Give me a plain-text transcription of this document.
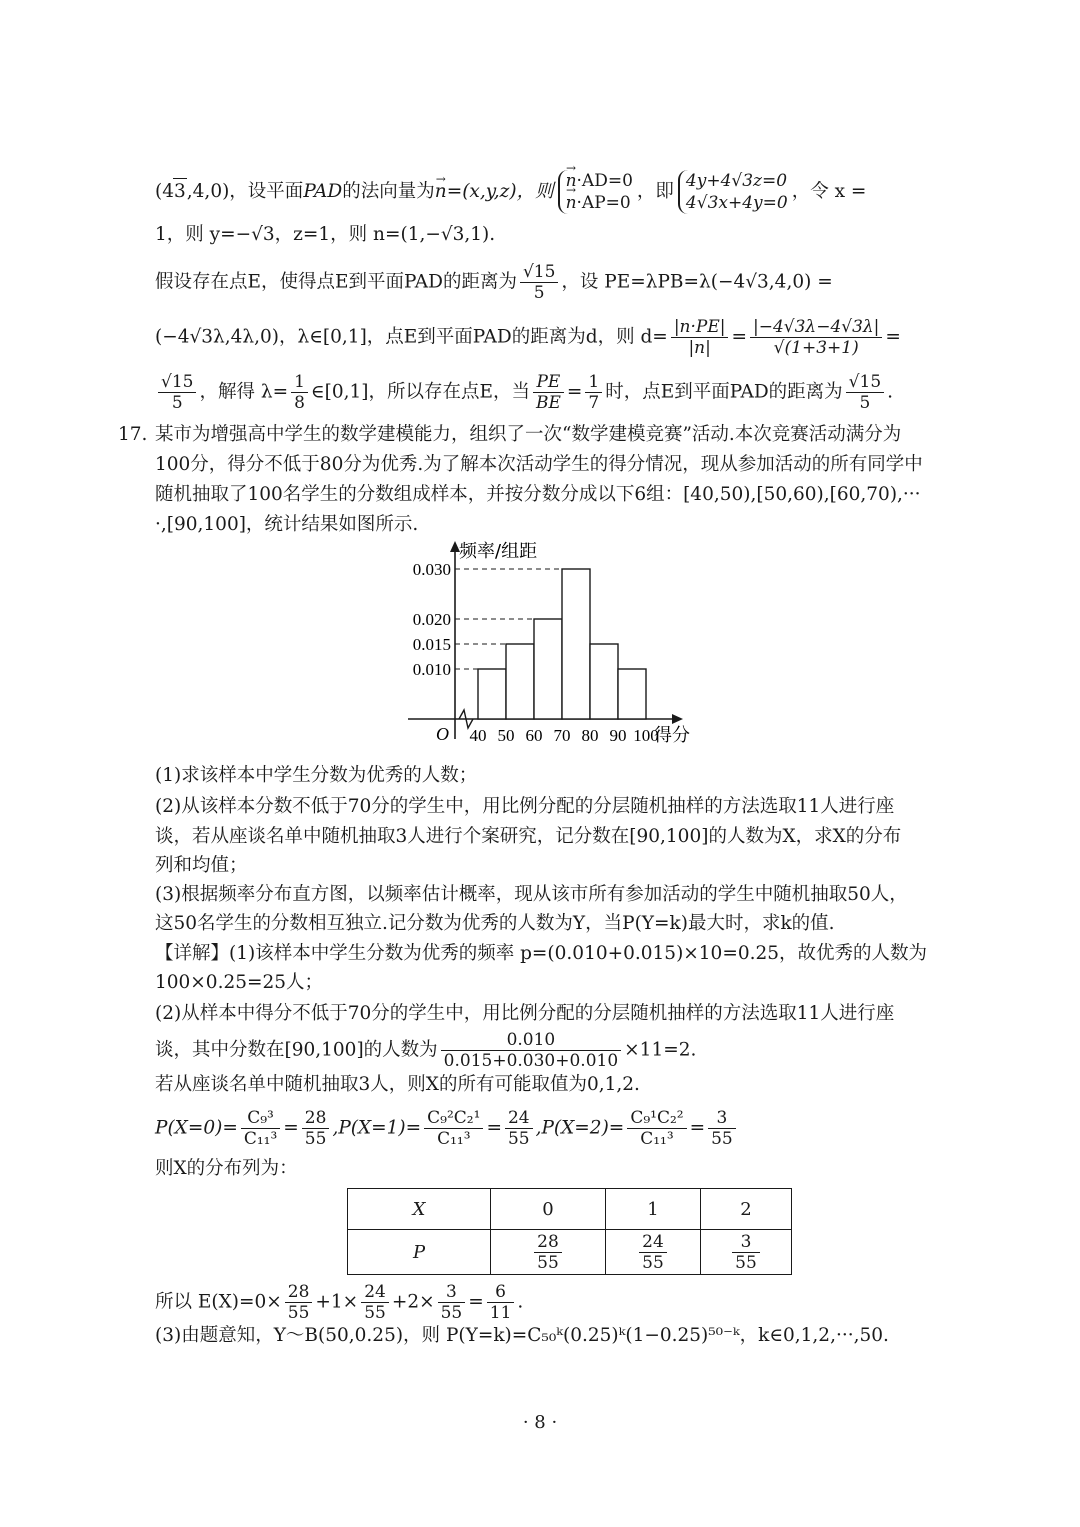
(43,4,0)，设平面PAD的法向量为n →=(x,y,z)，则 n →·AD=0
n →·AP=0
，即 4y+4√3z=0
4√3x+4y=0
，令 x =
1，则 y=−√3，z=1，则 n=(1,−√3,1).
假设存在点E，使得点E到平面PAD的距离为 $\frac{√15}{5}$ ，设 PE=λPB=λ(−4√3,4,0) =
(−4√3λ,4λ,0)，λ∈[0,1]，点E到平面PAD的距离为d，则 $d= \frac{|n\cdot PE|}{|n|} = \frac{|-4√3\lambda-4√3\lambda|}{√(1+3+1)}$ =
$\frac{√15}{5}$ ，解得 $\lambda= \frac{1}{8}$ ∈[0,1]，所以存在点E，当 $\frac{PE}{BE} = \frac{1}{7}$ 时，点E到平面PAD的距离为 $\frac{√15}{5}$ .
17. 某市为增强高中学生的数学建模能力，组织了一次“数学建模竞赛”活动.本次竞赛活动满分为
100分，得分不低于80分为优秀.为了解本次活动学生的得分情况，现从参加活动的所有同学中
随机抽取了100名学生的分数组成样本，并按分数分成以下6组：[40,50),[50,60),[60,70),···
·,[90,100]，统计结果如图所示.
0.010
0.015
0.020
0.030
40 50 60 70 80 90 100
O
频率/组距
得分
(1)求该样本中学生分数为优秀的人数；
(2)从该样本分数不低于70分的学生中，用比例分配的分层随机抽样的方法选取11人进行座
谈，若从座谈名单中随机抽取3人进行个案研究，记分数在[90,100]的人数为X，求X的分布
列和均值；
(3)根据频率分布直方图，以频率估计概率，现从该市所有参加活动的学生中随机抽取50人，
这50名学生的分数相互独立.记分数为优秀的人数为Y，当P(Y=k)最大时，求k的值.
【详解】(1)该样本中学生分数为优秀的频率 p=(0.010+0.015)×10=0.25，故优秀的人数为
100×0.25=25人；
(2)从样本中得分不低于70分的学生中，用比例分配的分层随机抽样的方法选取11人进行座
谈，其中分数在[90,100]的人数为 $\frac{0.010}{0.015+0.030+0.010} \times 11=2$.
若从座谈名单中随机抽取3人，则X的所有可能取值为0,1,2.
$P(X=0)= \frac{\text{C₉³}}{\text{C₁₁³}} = \frac{28}{55} ,P(X=1)= \frac{\text{C₉²C₂¹}}{\text{C₁₁³}} = \frac{24}{55} ,P(X=2)= \frac{\text{C₉¹C₂²}}{\text{C₁₁³}} = \frac{3}{55}$
则X的分布列为：
X	0	1	2
P	$\frac{28}{55}$	$\frac{24}{55}$	$\frac{3}{55}$
所以 $E(X)=0\times \frac{28}{55} +1\times \frac{24}{55} +2\times \frac{3}{55} = \frac{6}{11}$ .
(3)由题意知，Y～B(50,0.25)，则 P(Y=k)=C₅₀ᵏ(0.25)ᵏ(1−0.25)⁵⁰⁻ᵏ，k∈0,1,2,···,50.
· 8 ·
